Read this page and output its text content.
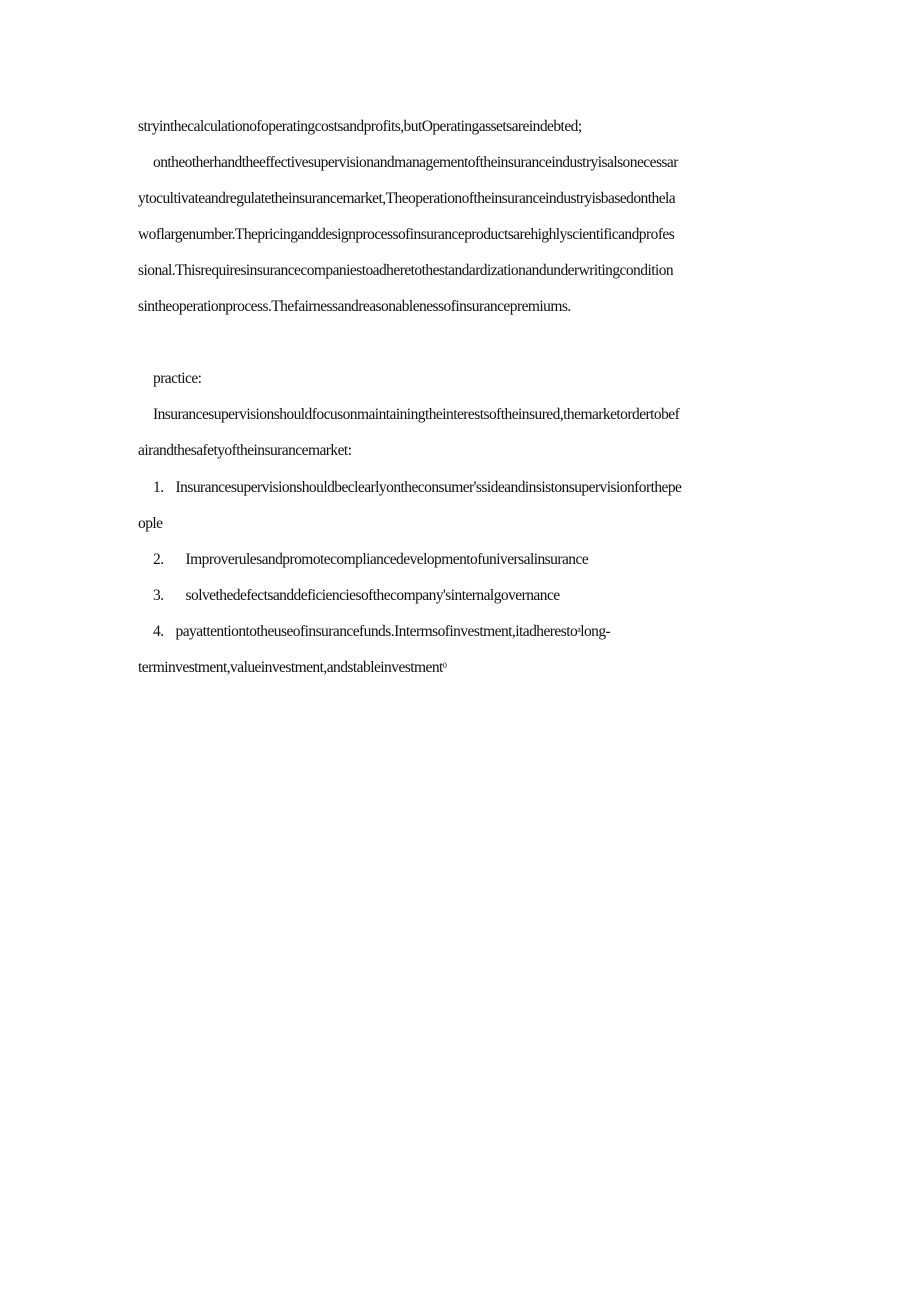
stryinthecalculationofoperatingcostsandprofits,butOperatingassetsareindebted;
ontheotherhandtheeffectivesupervisionandmanagementoftheinsuranceindustryisalsonecessar
ytocultivateandregulatetheinsurancemarket,Theoperationoftheinsuranceindustryisbasedonthela
woflargenumber.Thepricinganddesignprocessofinsuranceproductsarehighlyscientificandprofes
sional.Thisrequiresinsurancecompaniestoadheretothestandardizationandunderwritingcondition
sintheoperationprocess.Thefairnessandreasonablenessofinsurancepremiums.
practice:
Insurancesupervisionshouldfocusonmaintainingtheinterestsoftheinsured,themarketordertobef
airandthesafetyoftheinsurancemarket:
1. Insurancesupervisionshouldbeclearlyontheconsumer'ssideandinsistonsupervisionforthepe
ople
2. Improverulesandpromotecompliancedevelopmentofuniversalinsurance
3. solvethedefectsanddeficienciesofthecompany'sinternalgovernance
4. payattentiontotheuseofinsurancefunds.Intermsofinvestment,itadheresto$^a$long-
terminvestment,valueinvestment,andstableinvestment$^0$
